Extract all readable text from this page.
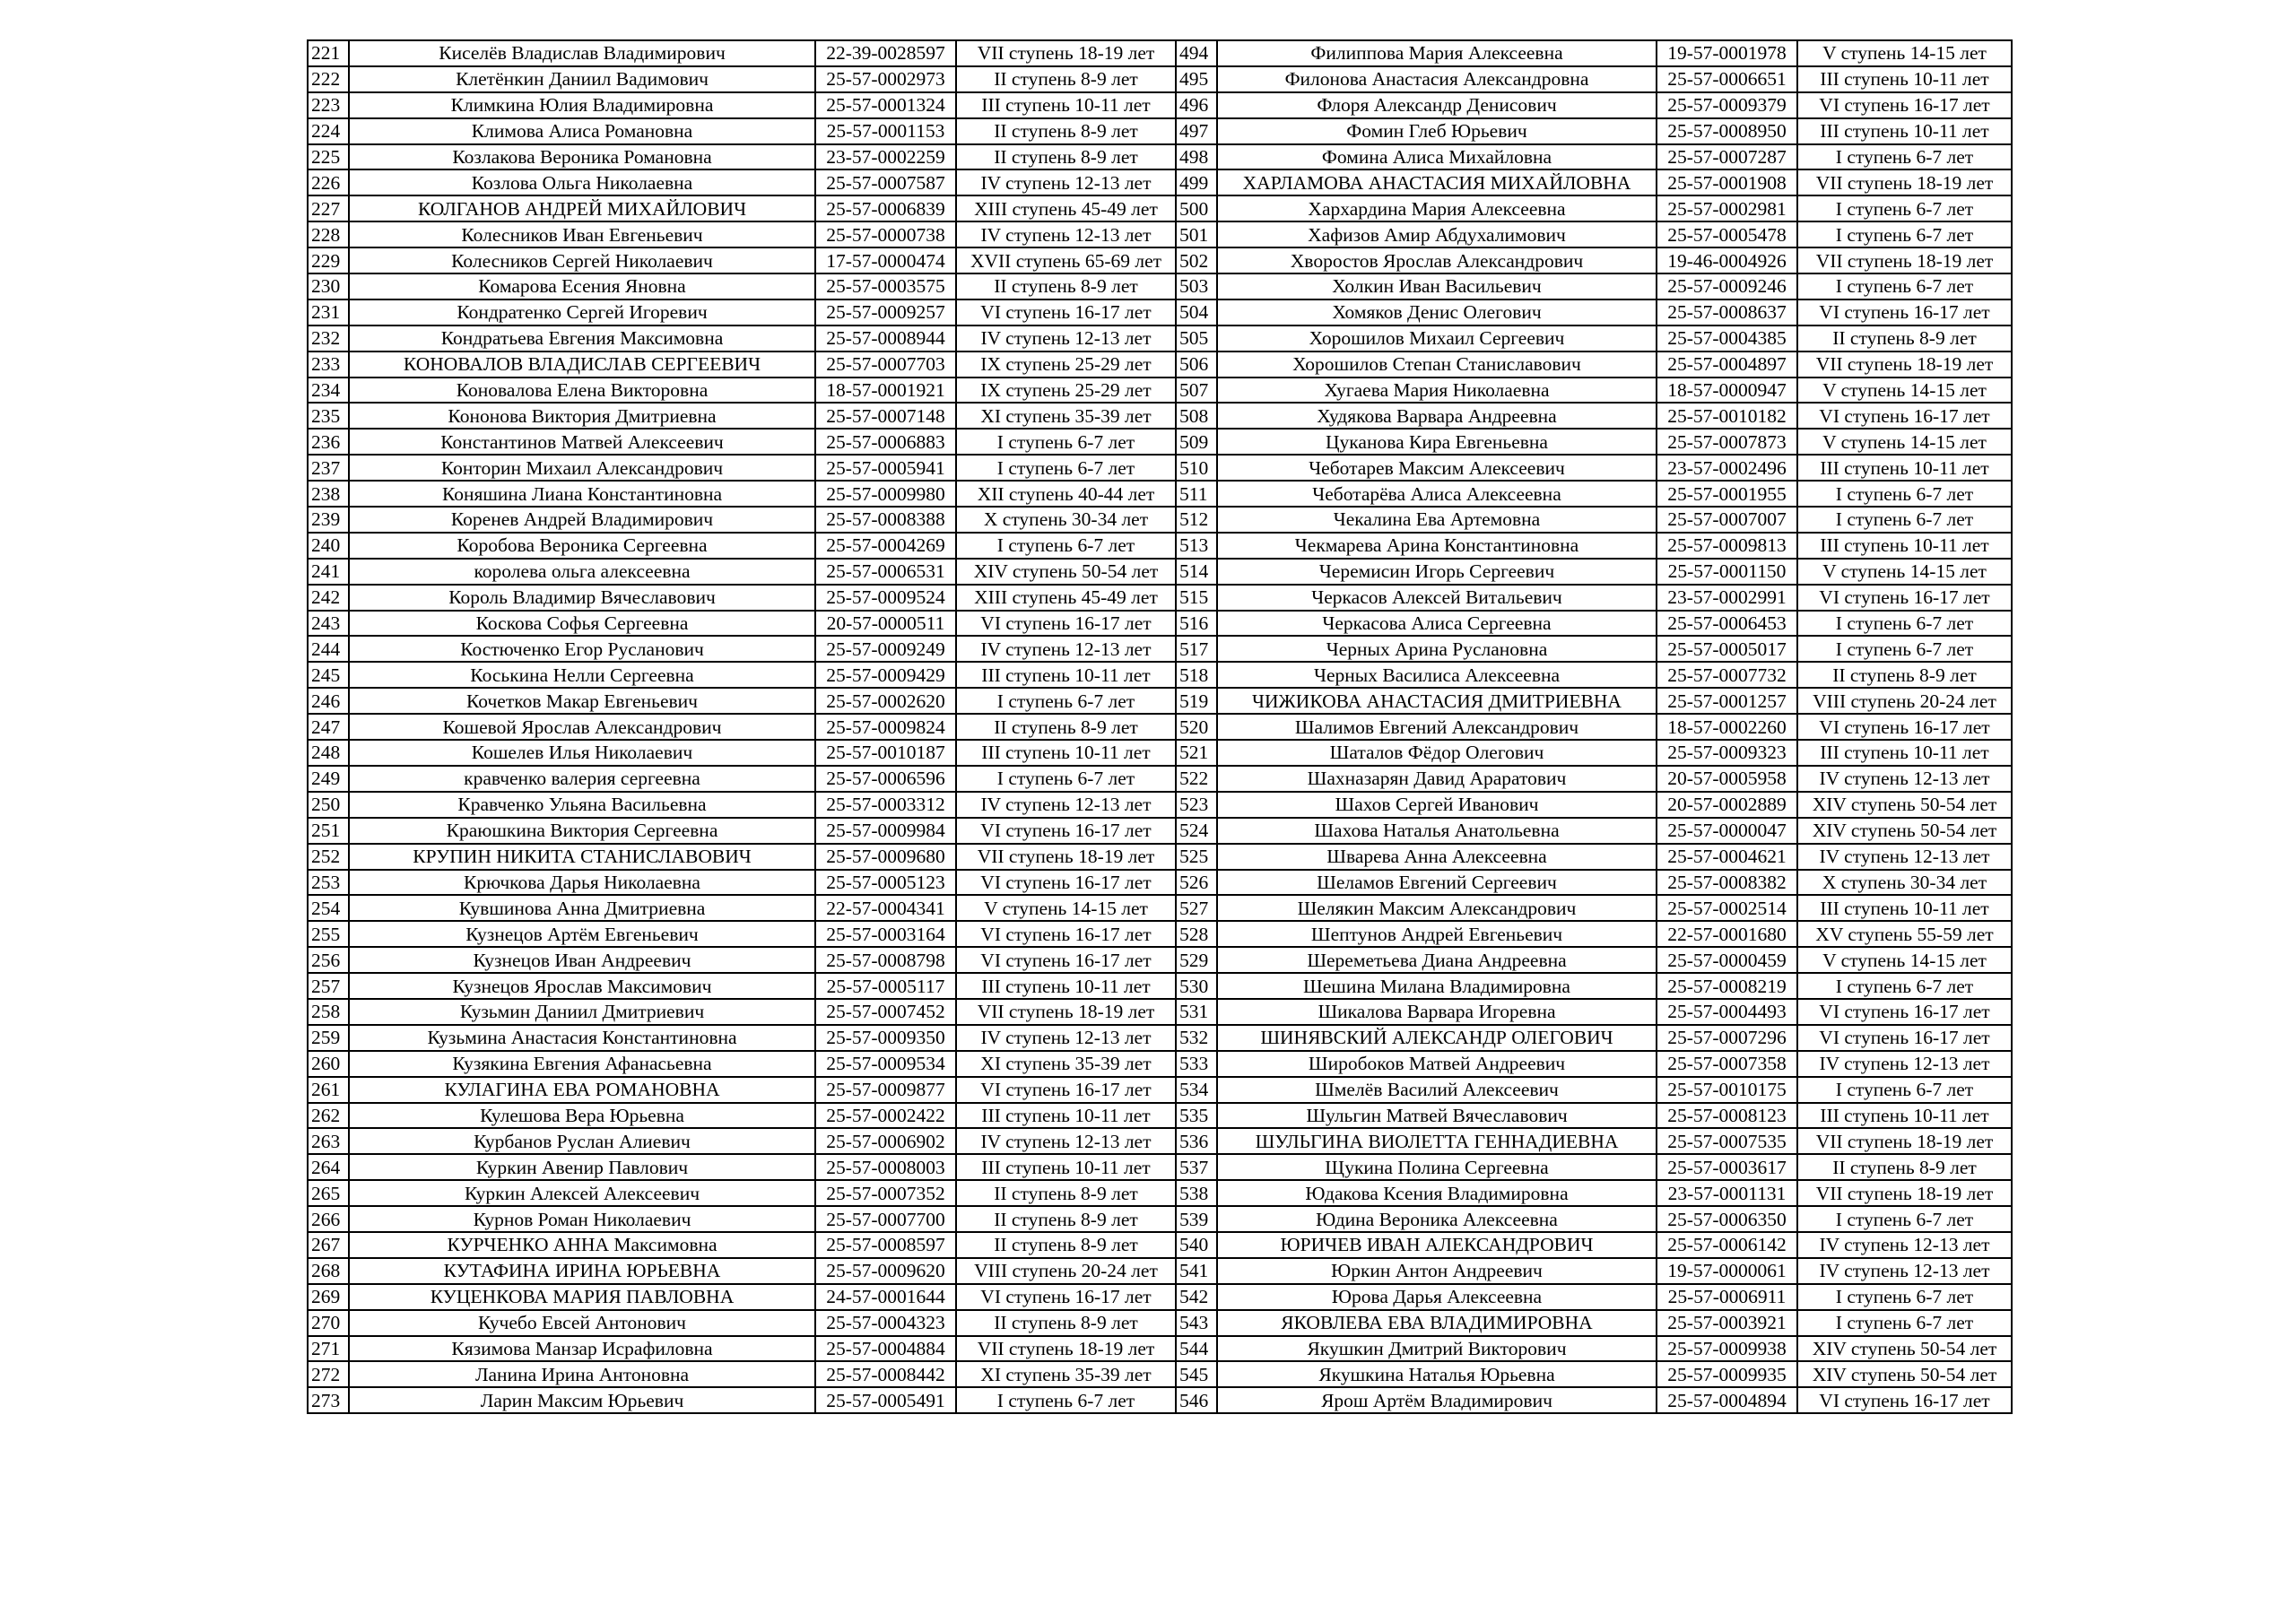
221	Киселёв Владислав Владимирович	22-39-0028597	VII ступень 18-19 лет	494	Филиппова Мария Алексеевна	19-57-0001978	V ступень 14-15 лет
222	Клетёнкин Даниил Вадимович	25-57-0002973	II ступень 8-9 лет	495	Филонова Анастасия Александровна	25-57-0006651	III ступень 10-11 лет
223	Климкина Юлия Владимировна	25-57-0001324	III ступень 10-11 лет	496	Флоря Александр Денисович	25-57-0009379	VI ступень 16-17 лет
224	Климова Алиса Романовна	25-57-0001153	II ступень 8-9 лет	497	Фомин Глеб Юрьевич	25-57-0008950	III ступень 10-11 лет
225	Козлакова Вероника Романовна	23-57-0002259	II ступень 8-9 лет	498	Фомина Алиса Михайловна	25-57-0007287	I ступень 6-7 лет
226	Козлова Ольга Николаевна	25-57-0007587	IV ступень 12-13 лет	499	ХАРЛАМОВА АНАСТАСИЯ МИХАЙЛОВНА	25-57-0001908	VII ступень 18-19 лет
227	КОЛГАНОВ АНДРЕЙ МИХАЙЛОВИЧ	25-57-0006839	XIII ступень 45-49 лет	500	Хархардина Мария Алексеевна	25-57-0002981	I ступень 6-7 лет
228	Колесников Иван Евгеньевич	25-57-0000738	IV ступень 12-13 лет	501	Хафизов Амир Абдухалимович	25-57-0005478	I ступень 6-7 лет
229	Колесников Сергей Николаевич	17-57-0000474	XVII ступень 65-69 лет	502	Хворостов Ярослав Александрович	19-46-0004926	VII ступень 18-19 лет
230	Комарова Есения Яновна	25-57-0003575	II ступень 8-9 лет	503	Холкин Иван Васильевич	25-57-0009246	I ступень 6-7 лет
231	Кондратенко Сергей Игоревич	25-57-0009257	VI ступень 16-17 лет	504	Хомяков Денис Олегович	25-57-0008637	VI ступень 16-17 лет
232	Кондратьева Евгения Максимовна	25-57-0008944	IV ступень 12-13 лет	505	Хорошилов Михаил Сергеевич	25-57-0004385	II ступень 8-9 лет
233	КОНОВАЛОВ ВЛАДИСЛАВ СЕРГЕЕВИЧ	25-57-0007703	IX ступень 25-29 лет	506	Хорошилов Степан Станиславович	25-57-0004897	VII ступень 18-19 лет
234	Коновалова Елена Викторовна	18-57-0001921	IX ступень 25-29 лет	507	Хугаева Мария Николаевна	18-57-0000947	V ступень 14-15 лет
235	Кононова Виктория Дмитриевна	25-57-0007148	XI ступень 35-39 лет	508	Худякова Варвара Андреевна	25-57-0010182	VI ступень 16-17 лет
236	Константинов Матвей Алексеевич	25-57-0006883	I ступень 6-7 лет	509	Цуканова Кира Евгеньевна	25-57-0007873	V ступень 14-15 лет
237	Конторин Михаил Александрович	25-57-0005941	I ступень 6-7 лет	510	Чеботарев Максим Алексеевич	23-57-0002496	III ступень 10-11 лет
238	Коняшина Лиана Константиновна	25-57-0009980	XII ступень 40-44 лет	511	Чеботарёва Алиса Алексеевна	25-57-0001955	I ступень 6-7 лет
239	Коренев Андрей Владимирович	25-57-0008388	X ступень 30-34 лет	512	Чекалина Ева Артемовна	25-57-0007007	I ступень 6-7 лет
240	Коробова Вероника Сергеевна	25-57-0004269	I ступень 6-7 лет	513	Чекмарева Арина Константиновна	25-57-0009813	III ступень 10-11 лет
241	королева ольга алексеевна	25-57-0006531	XIV ступень 50-54 лет	514	Черемисин Игорь Сергеевич	25-57-0001150	V ступень 14-15 лет
242	Король Владимир Вячеславович	25-57-0009524	XIII ступень 45-49 лет	515	Черкасов Алексей Витальевич	23-57-0002991	VI ступень 16-17 лет
243	Коскова Софья Сергеевна	20-57-0000511	VI ступень 16-17 лет	516	Черкасова Алиса Сергеевна	25-57-0006453	I ступень 6-7 лет
244	Костюченко Егор Русланович	25-57-0009249	IV ступень 12-13 лет	517	Черных Арина Руслановна	25-57-0005017	I ступень 6-7 лет
245	Коськина Нелли Сергеевна	25-57-0009429	III ступень 10-11 лет	518	Черных Василиса Алексеевна	25-57-0007732	II ступень 8-9 лет
246	Кочетков Макар Евгеньевич	25-57-0002620	I ступень 6-7 лет	519	ЧИЖИКОВА АНАСТАСИЯ ДМИТРИЕВНА	25-57-0001257	VIII ступень 20-24 лет
247	Кошевой Ярослав Александрович	25-57-0009824	II ступень 8-9 лет	520	Шалимов Евгений Александрович	18-57-0002260	VI ступень 16-17 лет
248	Кошелев Илья Николаевич	25-57-0010187	III ступень 10-11 лет	521	Шаталов Фёдор Олегович	25-57-0009323	III ступень 10-11 лет
249	кравченко валерия сергеевна	25-57-0006596	I ступень 6-7 лет	522	Шахназарян Давид Араратович	20-57-0005958	IV ступень 12-13 лет
250	Кравченко Ульяна Васильевна	25-57-0003312	IV ступень 12-13 лет	523	Шахов Сергей Иванович	20-57-0002889	XIV ступень 50-54 лет
251	Краюшкина Виктория Сергеевна	25-57-0009984	VI ступень 16-17 лет	524	Шахова Наталья Анатольевна	25-57-0000047	XIV ступень 50-54 лет
252	КРУПИН НИКИТА СТАНИСЛАВОВИЧ	25-57-0009680	VII ступень 18-19 лет	525	Шварева Анна Алексеевна	25-57-0004621	IV ступень 12-13 лет
253	Крючкова Дарья Николаевна	25-57-0005123	VI ступень 16-17 лет	526	Шеламов Евгений Сергеевич	25-57-0008382	X ступень 30-34 лет
254	Кувшинова Анна Дмитриевна	22-57-0004341	V ступень 14-15 лет	527	Шелякин Максим Александрович	25-57-0002514	III ступень 10-11 лет
255	Кузнецов Артём Евгеньевич	25-57-0003164	VI ступень 16-17 лет	528	Шептунов Андрей Евгеньевич	22-57-0001680	XV ступень 55-59 лет
256	Кузнецов Иван Андреевич	25-57-0008798	VI ступень 16-17 лет	529	Шереметьева Диана Андреевна	25-57-0000459	V ступень 14-15 лет
257	Кузнецов Ярослав Максимович	25-57-0005117	III ступень 10-11 лет	530	Шешина Милана Владимировна	25-57-0008219	I ступень 6-7 лет
258	Кузьмин Даниил Дмитриевич	25-57-0007452	VII ступень 18-19 лет	531	Шикалова Варвара Игоревна	25-57-0004493	VI ступень 16-17 лет
259	Кузьмина Анастасия Константиновна	25-57-0009350	IV ступень 12-13 лет	532	ШИНЯВСКИЙ АЛЕКСАНДР ОЛЕГОВИЧ	25-57-0007296	VI ступень 16-17 лет
260	Кузякина Евгения Афанасьевна	25-57-0009534	XI ступень 35-39 лет	533	Широбоков Матвей Андреевич	25-57-0007358	IV ступень 12-13 лет
261	КУЛАГИНА ЕВА РОМАНОВНА	25-57-0009877	VI ступень 16-17 лет	534	Шмелёв Василий Алексеевич	25-57-0010175	I ступень 6-7 лет
262	Кулешова Вера Юрьевна	25-57-0002422	III ступень 10-11 лет	535	Шульгин Матвей Вячеславович	25-57-0008123	III ступень 10-11 лет
263	Курбанов Руслан Алиевич	25-57-0006902	IV ступень 12-13 лет	536	ШУЛЬГИНА ВИОЛЕТТА ГЕННАДИЕВНА	25-57-0007535	VII ступень 18-19 лет
264	Куркин Авенир Павлович	25-57-0008003	III ступень 10-11 лет	537	Щукина Полина Сергеевна	25-57-0003617	II ступень 8-9 лет
265	Куркин Алексей Алексеевич	25-57-0007352	II ступень 8-9 лет	538	Юдакова Ксения Владимировна	23-57-0001131	VII ступень 18-19 лет
266	Курнов Роман Николаевич	25-57-0007700	II ступень 8-9 лет	539	Юдина Вероника Алексеевна	25-57-0006350	I ступень 6-7 лет
267	КУРЧЕНКО АННА Максимовна	25-57-0008597	II ступень 8-9 лет	540	ЮРИЧЕВ ИВАН АЛЕКСАНДРОВИЧ	25-57-0006142	IV ступень 12-13 лет
268	КУТАФИНА ИРИНА ЮРЬЕВНА	25-57-0009620	VIII ступень 20-24 лет	541	Юркин Антон Андреевич	19-57-0000061	IV ступень 12-13 лет
269	КУЦЕНКОВА МАРИЯ ПАВЛОВНА	24-57-0001644	VI ступень 16-17 лет	542	Юрова Дарья Алексеевна	25-57-0006911	I ступень 6-7 лет
270	Кучебо Евсей Антонович	25-57-0004323	II ступень 8-9 лет	543	ЯКОВЛЕВА ЕВА ВЛАДИМИРОВНА	25-57-0003921	I ступень 6-7 лет
271	Кязимова Манзар Исрафиловна	25-57-0004884	VII ступень 18-19 лет	544	Якушкин Дмитрий Викторович	25-57-0009938	XIV ступень 50-54 лет
272	Ланина Ирина Антоновна	25-57-0008442	XI ступень 35-39 лет	545	Якушкина Наталья Юрьевна	25-57-0009935	XIV ступень 50-54 лет
273	Ларин Максим Юрьевич	25-57-0005491	I ступень 6-7 лет	546	Ярош Артём Владимирович	25-57-0004894	VI ступень 16-17 лет
